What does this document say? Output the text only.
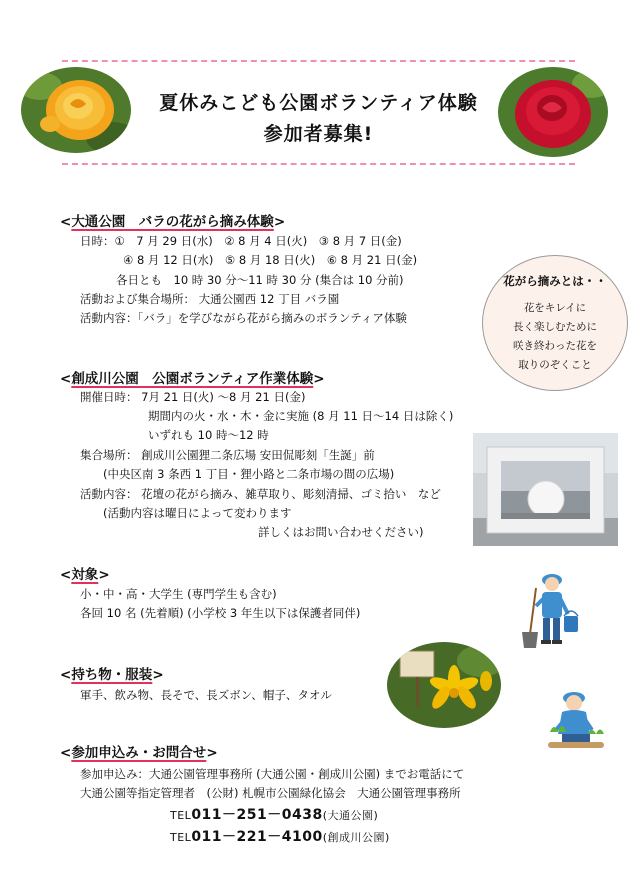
夏休みこども公園ボランティア体験
参加者募集!
<大通公園　バラの花がら摘み体験>
日時：①　7 月 29 日(水)　② 8 月 4 日(火)　③ 8 月 7 日(金)
④ 8 月 12 日(水)　⑤ 8 月 18 日(火)　⑥ 8 月 21 日(金)
各日とも　10 時 30 分～11 時 30 分 (集合は 10 分前)
活動および集合場所： 大通公園西 12 丁目 バラ園
活動内容：「バラ」を学びながら花がら摘みのボランティア体験
花がら摘みとは・・
花をキレイに
長く楽しむために
咲き終わった花を
取りのぞくこと
<創成川公園　公園ボランティア作業体験>
開催日時： 7月 21 日(火) ～8 月 21 日(金)
期間内の火・水・木・金に実施 (8 月 11 日～14 日は除く)
いずれも 10 時～12 時
集合場所： 創成川公園狸二条広場 安田侃彫刻「生誕」前
(中央区南 3 条西 1 丁目・狸小路と二条市場の間の広場)
活動内容： 花壇の花がら摘み、雑草取り、彫刻清掃、ゴミ拾い　など
(活動内容は曜日によって変わります
詳しくはお問い合わせください)
<対象>
小・中・高・大学生 (専門学生も含む)
各回 10 名 (先着順) (小学校 3 年生以下は保護者同伴)
<持ち物・服装>
軍手、飲み物、長そで、長ズボン、帽子、タオル
<参加申込み・お問合せ>
参加申込み：大通公園管理事務所 (大通公園・創成川公園) までお電話にて
大通公園等指定管理者　(公財) 札幌市公園緑化協会　大通公園管理事務所
TEL011－251－0438(大通公園)
TEL011－221－4100(創成川公園)
